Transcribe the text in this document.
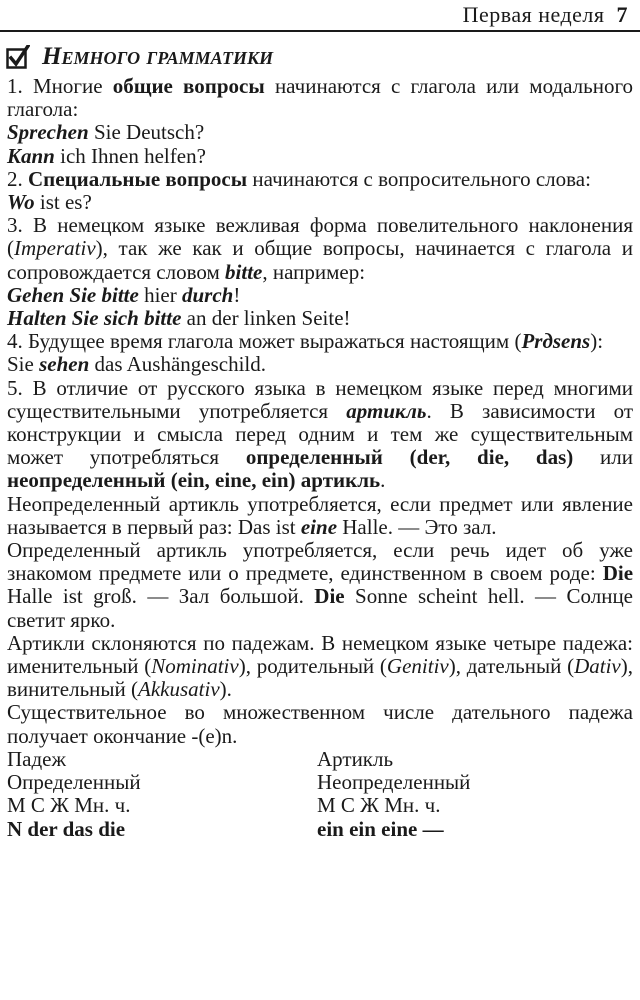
Первая неделя 7
Немного грамматики

1. Многие общие вопросы начинаются с глагола или модального глагола:

Sprechen Sie Deutsch?

Kann ich Ihnen helfen?

2. Специальные вопросы начинаются с вопросительного слова:

Wo ist es?

3. В немецком языке вежливая форма повелительного наклонения (Imperativ), так же как и общие вопросы, начинается с глагола и сопровождается словом bitte, например:

Gehen Sie bitte hier durch!

Halten Sie sich bitte an der linken Seite!

4. Будущее время глагола может выражаться настоящим (Prдsens):

Sie sehen das Aushängeschild.

5. В отличие от русского языка в немецком языке перед многими существительными употребляется артикль. В зависимости от конструкции и смысла перед одним и тем же существительным может употребляться определенный (der, die, das) или неопределенный (ein, eine, ein) артикль.

Неопределенный артикль употребляется, если предмет или явление называется в первый раз: Das ist eine Halle. — Это зал.

Определенный артикль употребляется, если речь идет об уже знакомом предмете или о предмете, единственном в своем роде: Die Halle ist groß. — Зал большой. Die Sonne scheint hell. — Солнце светит ярко.

Артикли склоняются по падежам. В немецком языке четыре падежа: именительный (Nominativ), родительный (Genitiv), дательный (Dativ), винительный (Akkusativ).

Существительное во множественном числе дательного падежа получает окончание -(e)n.

Падеж	Артикль
Определенный	Неопределенный
М С Ж Мн. ч.	М С Ж Мн. ч.
N der das die	ein ein eine —
